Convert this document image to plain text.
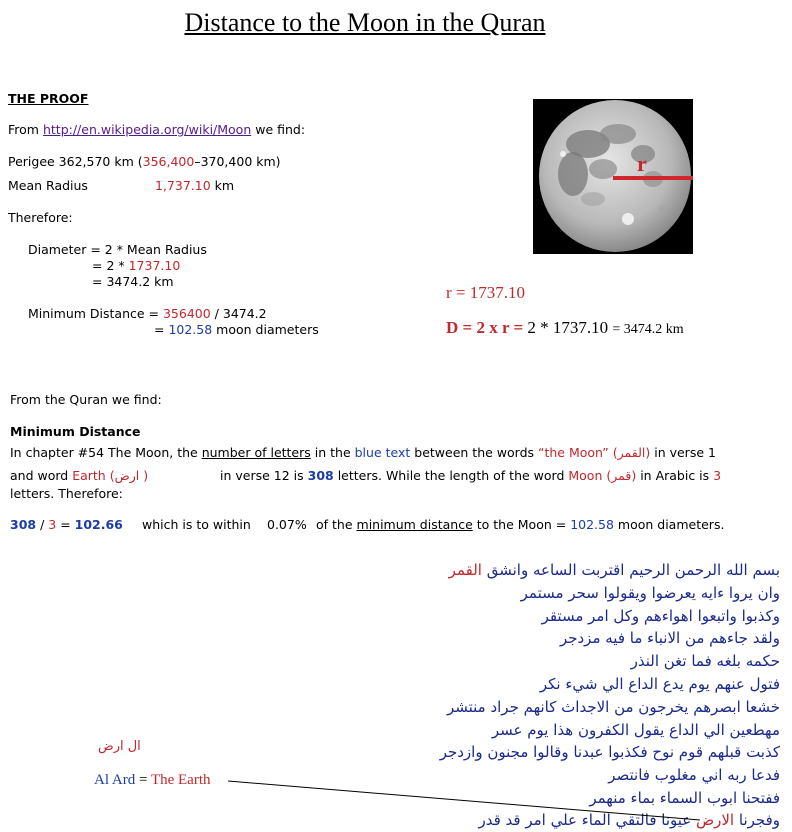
Distance to the Moon in the Quran
THE PROOF
From http://en.wikipedia.org/wiki/Moon we find:
Perigee 362,570 km (356,400–370,400 km)
Mean Radius	1,737.10 km
Therefore:
Diameter = 2 * Mean Radius
= 2 * 1737.10
= 3474.2 km
Minimum Distance = 356400 / 3474.2
= 102.58 moon diameters
r
r = 1737.10
D = 2 x r = 2 * 1737.10 = 3474.2 km
From the Quran we find:
Minimum Distance
In chapter #54 The Moon, the number of letters in the blue text between the words “the Moon” (القمر) in verse 1
and word Earth (ارض )	in verse 12 is 308 letters. While the length of the word Moon (قمر) in Arabic is 3
letters. Therefore:
308 / 3 = 102.66 which is to within 0.07% of the minimum distance to the Moon = 102.58 moon diameters.
بسم الله الرحمن الرحيم اقتربت الساعه وانشق القمر
وان يروا ءايه يعرضوا ويقولوا سحر مستمر
وكذبوا واتبعوا اهواءهم وكل امر مستقر
ولقد جاءهم من الانباء ما فيه مزدجر
حكمه بلغه فما تغن النذر
فتول عنهم يوم يدع الداع الي شيء نكر
خشعا ابصرهم يخرجون من الاجداث كانهم جراد منتشر
مهطعين الي الداع يقول الكفرون هذا يوم عسر
كذبت قبلهم قوم نوح فكذبوا عبدنا وقالوا مجنون وازدجر
فدعا ربه اني مغلوب فانتصر
ففتحنا ابوب السماء بماء منهمر
وفجرنا الارض عيونا فالتقي الماء علي امر قد قدر
ال ارض
Al Ard = The Earth
